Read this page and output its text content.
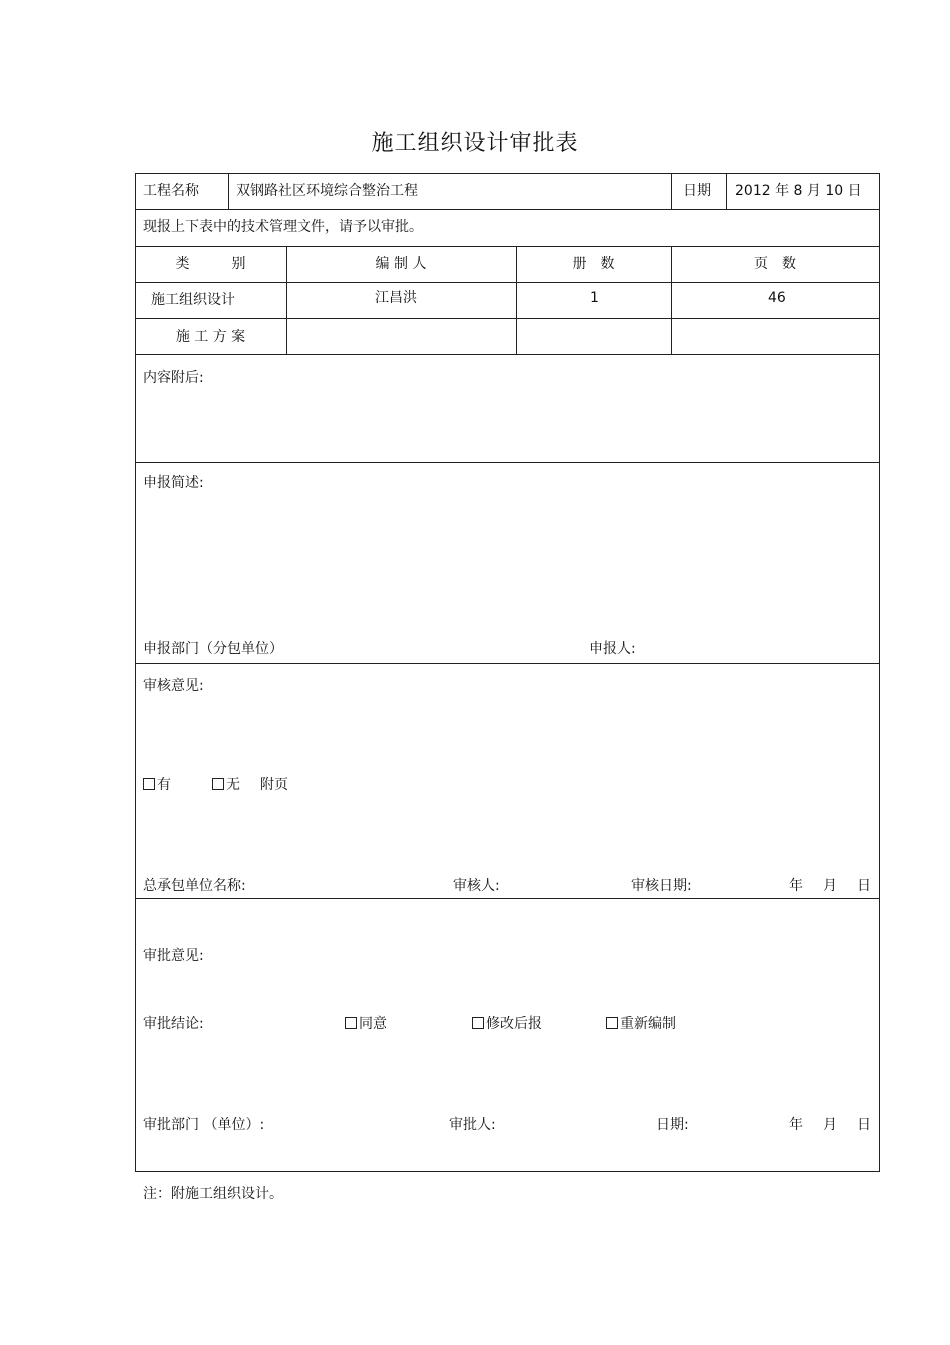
施工组织设计审批表
工程名称	双钢路社区环境综合整治工程	日期 2012 年 8 月 10 日
现报上下表中的技术管理文件，请予以审批。
类　　　别	编 制 人	册　数	页　数
施工组织设计	江昌洪	1	46
施 工 方 案
内容附后:
申报简述:
申报部门（分包单位）	申报人:
审核意见:
有	无 附页
总承包单位名称:	审核人:	审核日期:	年 月 日
审批意见:
审批结论:	同意	修改后报	重新编制
审批部门 （单位）:	审批人:	日期:	年 月 日
注：附施工组织设计。
